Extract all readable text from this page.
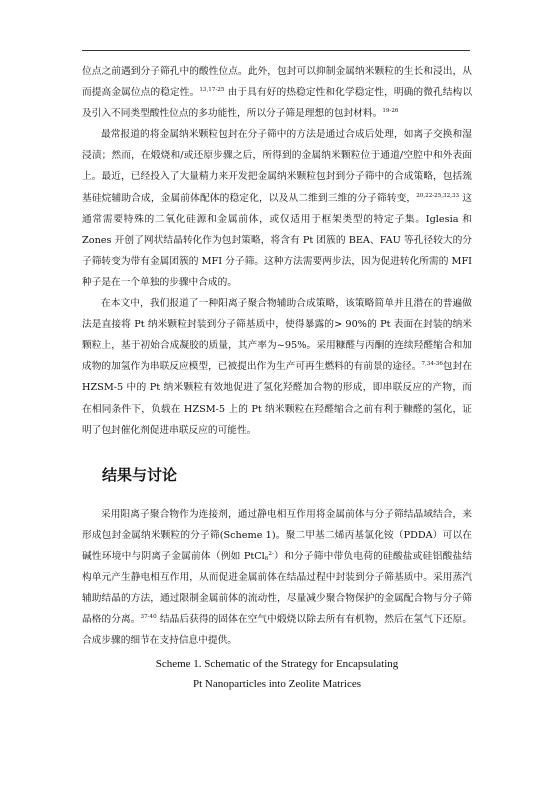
位点之前遇到分子筛孔中的酸性位点。此外，包封可以抑制金属纳米颗粒的生长和浸出，从而提高金属位点的稳定性。$^{13,17-25}$ 由于具有好的热稳定性和化学稳定性，明确的微孔结构以及引入不同类型酸性位点的多功能性，所以分子筛是理想的包封材料。$^{19-26}$

最常报道的将金属纳米颗粒包封在分子筛中的方法是通过合成后处理，如离子交换和湿浸渍；然而，在煅烧和/或还原步骤之后，所得到的金属纳米颗粒位于通道/空腔中和外表面上。最近，已经投入了大量精力来开发把金属纳米颗粒包封到分子筛中的合成策略，包括巯基硅烷辅助合成，金属前体配体的稳定化，以及从二维到三维的分子筛转变，$^{20,22-25,32,33}$ 这通常需要特殊的二氧化硅源和金属前体，或仅适用于框架类型的特定子集。Iglesia 和 Zones 开创了网状结晶转化作为包封策略，将含有 Pt 团簇的 BEA、FAU 等孔径较大的分子筛转变为带有金属团簇的 MFI 分子筛。这种方法需要两步法，因为促进转化所需的 MFI 种子是在一个单独的步骤中合成的。

在本文中，我们报道了一种阳离子聚合物辅助合成策略，该策略简单并且潜在的普遍做法是直接将 Pt 纳米颗粒封装到分子筛基质中，使得暴露的> 90%的 Pt 表面在封装的纳米颗粒上，基于初始合成凝胶的质量，其产率为~95%。采用糠醛与丙酮的连续羟醛缩合和加成物的加氢作为串联反应模型，已被提出作为生产可再生燃料的有前景的途径。$^{7,34-36}$包封在 HZSM-5 中的 Pt 纳米颗粒有效地促进了氢化羟醛加合物的形成，即串联反应的产物，而在相同条件下，负载在 HZSM-5 上的 Pt 纳米颗粒在羟醛缩合之前有利于糠醛的氢化，证明了包封催化剂促进串联反应的可能性。

结果与讨论

采用阳离子聚合物作为连接剂，通过静电相互作用将金属前体与分子筛结晶域结合，来形成包封金属纳米颗粒的分子筛(Scheme 1)。聚二甲基二烯丙基氯化铵（PDDA）可以在碱性环境中与阴离子金属前体（例如 PtCl$_6^{2-}$）和分子筛中带负电荷的硅酸盐或硅铝酸盐结构单元产生静电相互作用，从而促进金属前体在结晶过程中封装到分子筛基质中。采用蒸汽辅助结晶的方法，通过限制金属前体的流动性，尽量减少聚合物保护的金属配合物与分子筛晶格的分离。$^{37-40}$ 结晶后获得的固体在空气中煅烧以除去所有有机物，然后在氢气下还原。合成步骤的细节在支持信息中提供。

Scheme 1. Schematic of the Strategy for Encapsulating
Pt Nanoparticles into Zeolite Matrices
